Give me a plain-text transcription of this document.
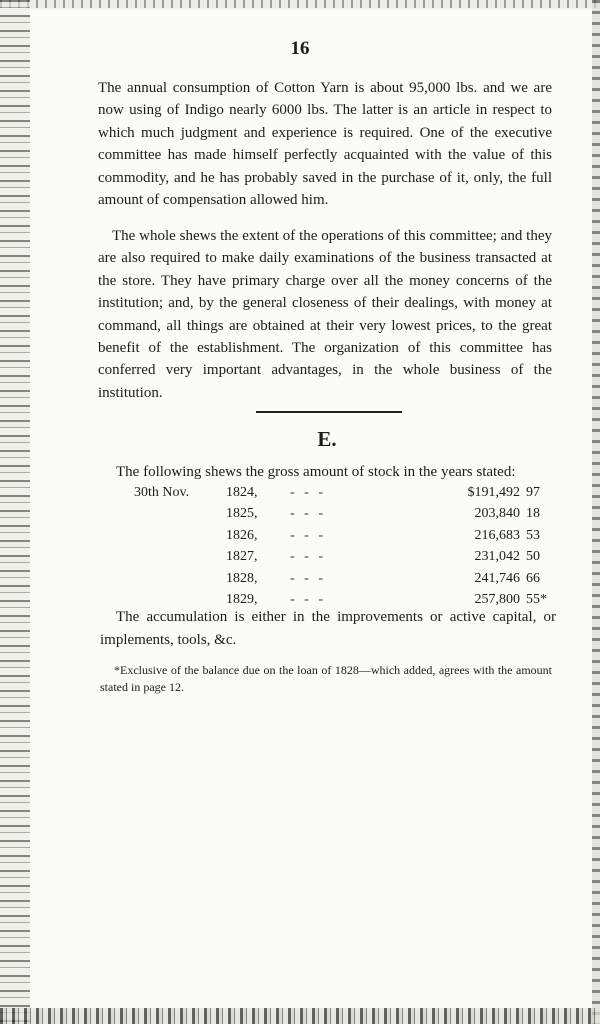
16

The annual consumption of Cotton Yarn is about 95,000 lbs. and we are now using of Indigo nearly 6000 lbs. The latter is an article in respect to which much judgment and experience is required. One of the executive committee has made himself perfectly acquainted with the value of this commodity, and he has probably saved in the purchase of it, only, the full amount of compensation allowed him.

The whole shews the extent of the operations of this committee; and they are also required to make daily examinations of the business transacted at the store. They have primary charge over all the money concerns of the institution; and, by the general closeness of their dealings, with money at command, all things are obtained at their very lowest prices, to the great benefit of the establishment. The organization of this committee has conferred very important advantages, in the whole business of the institution.

E.

The following shews the gross amount of stock in the years stated:

30th Nov.	1824,	- - -	$191,492	97
	1825,	- - -	203,840	18
	1826,	- - -	216,683	53
	1827,	- - -	231,042	50
	1828,	- - -	241,746	66
	1829,	- - -	257,800	55*

The accumulation is either in the improvements or active capital, or implements, tools, &c.

*Exclusive of the balance due on the loan of 1828—which added, agrees with the amount stated in page 12.
